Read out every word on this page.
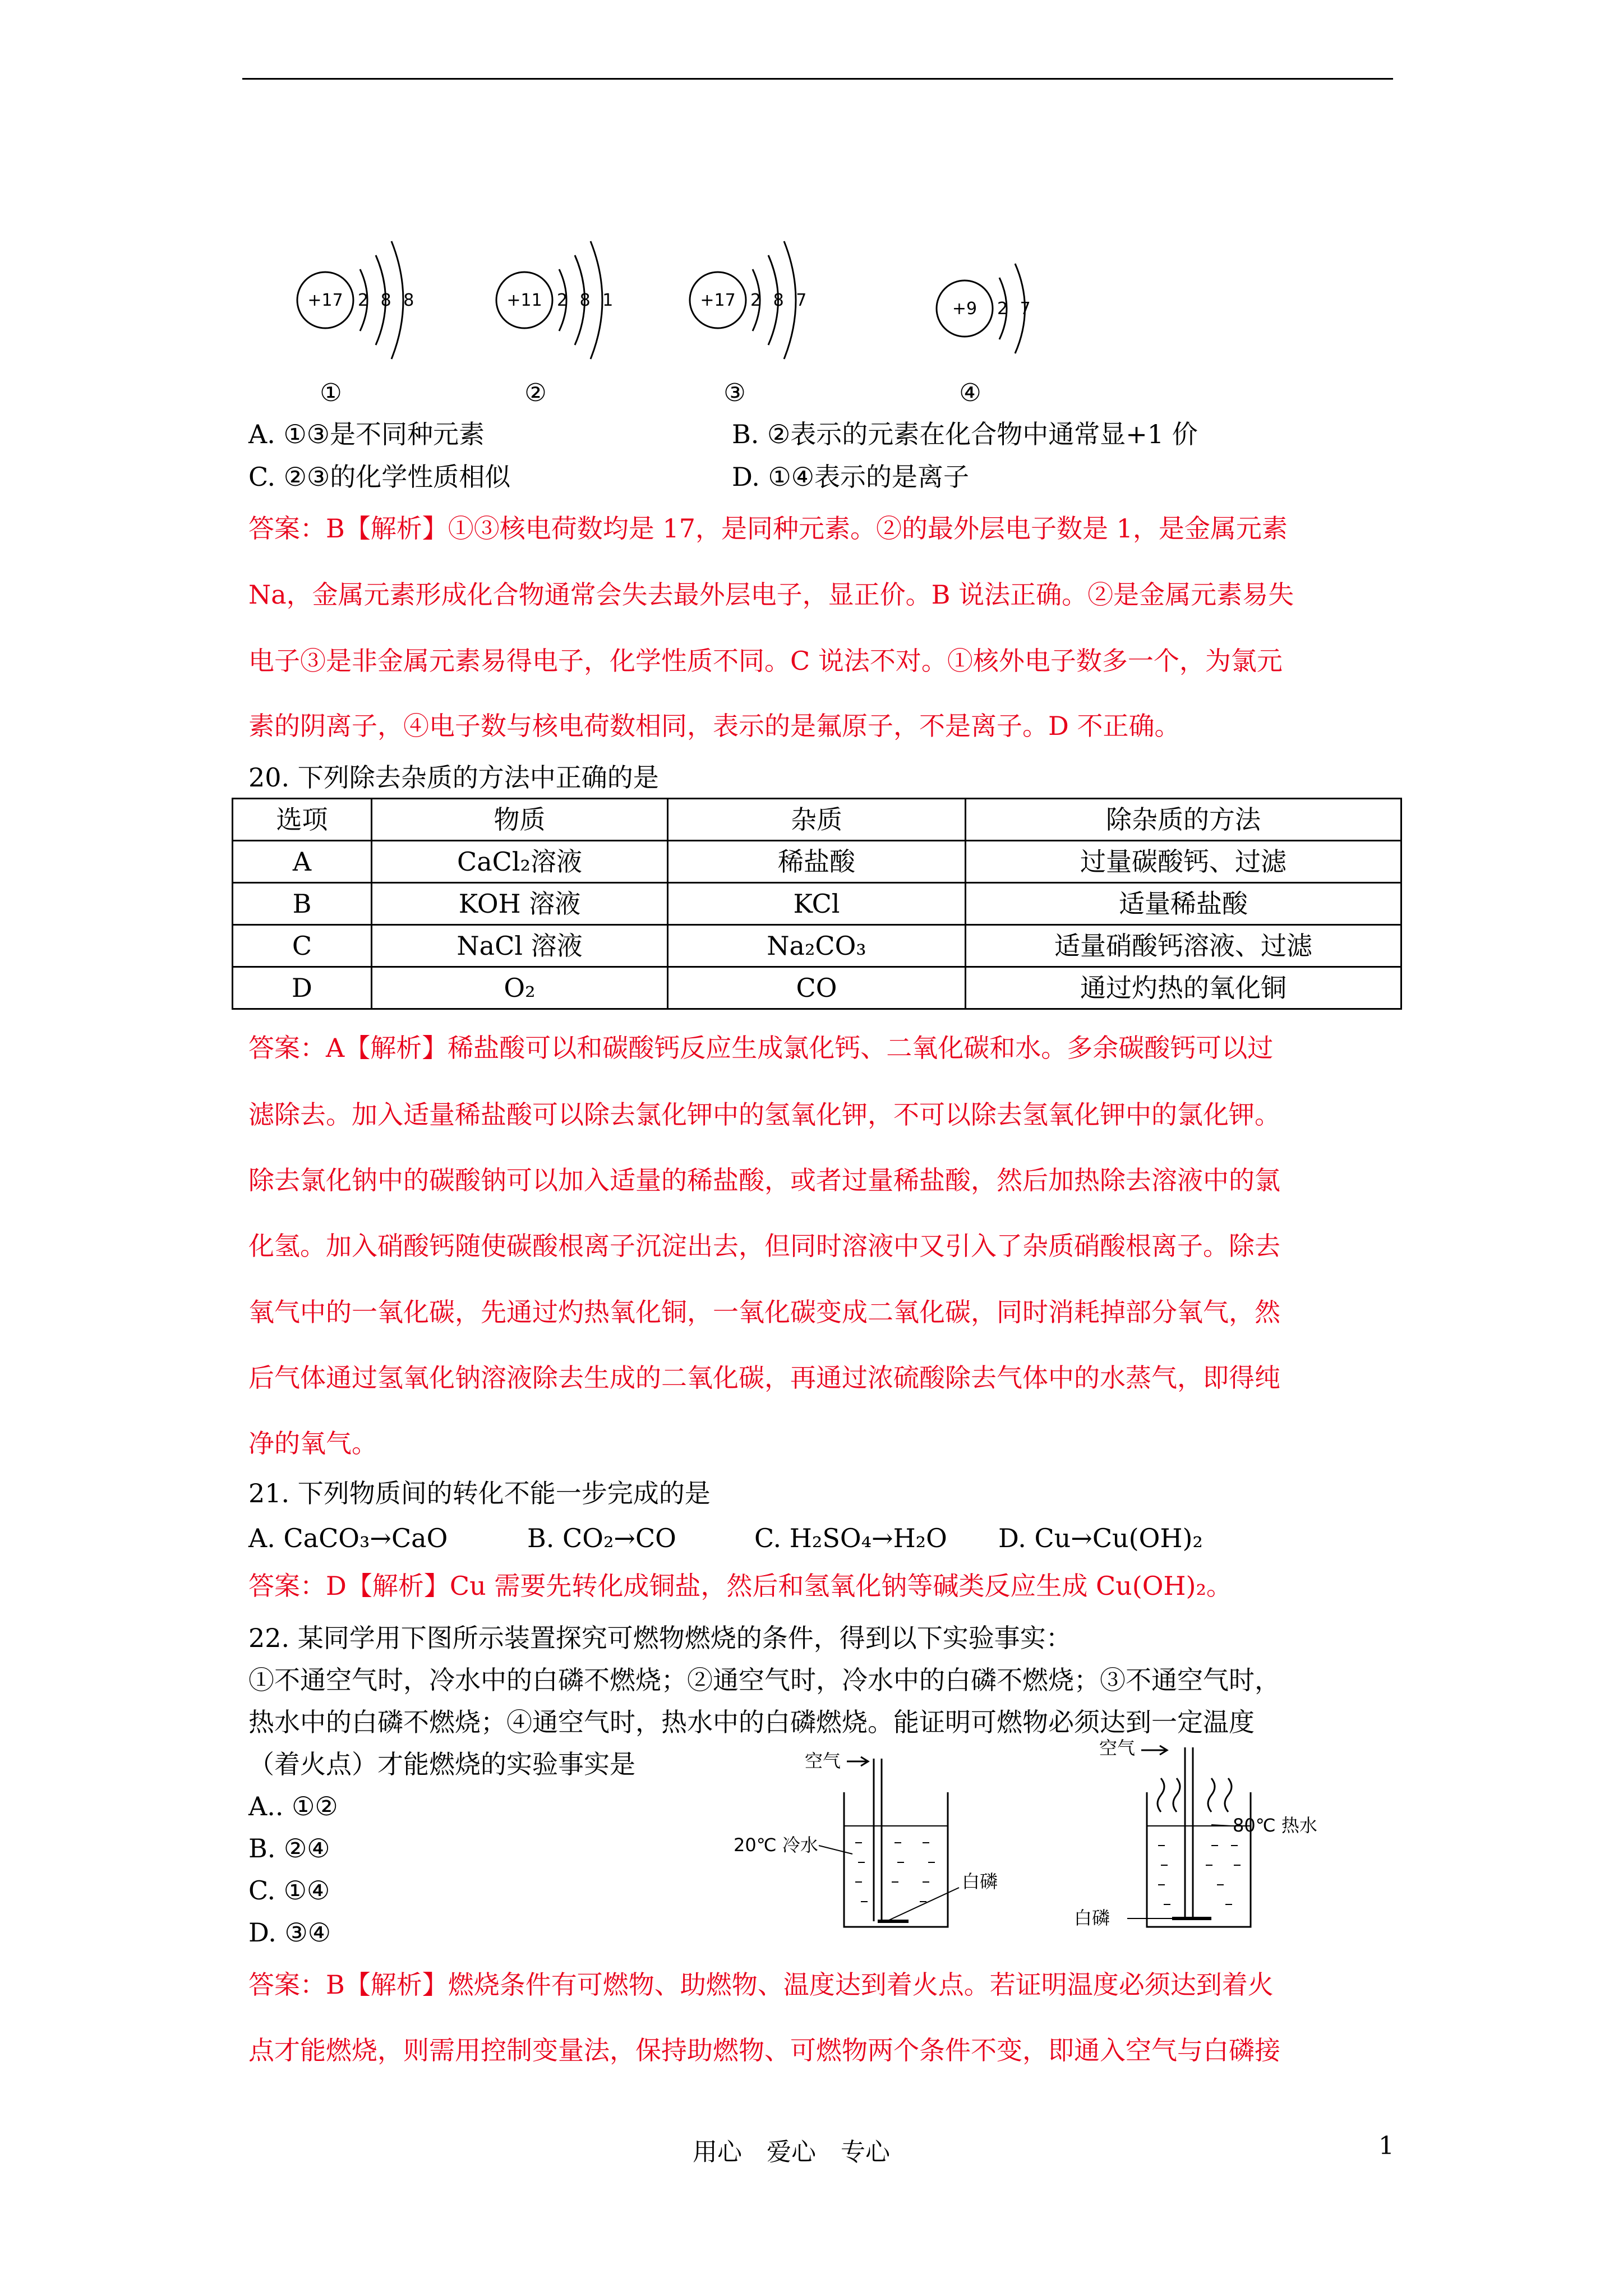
+17 2 8 8
①
+11 2 8 1
②
+17 2 8 7
③
+9 2 7
④
A. ①③是不同种元素	B. ②表示的元素在化合物中通常显+1 价
C. ②③的化学性质相似	D. ①④表示的是离子
答案：B【解析】①③核电荷数均是 17，是同种元素。②的最外层电子数是 1，是金属元素
Na，金属元素形成化合物通常会失去最外层电子，显正价。B 说法正确。②是金属元素易失
电子③是非金属元素易得电子，化学性质不同。C 说法不对。①核外电子数多一个，为氯元
素的阴离子，④电子数与核电荷数相同，表示的是氟原子，不是离子。D 不正确。
20. 下列除去杂质的方法中正确的是
选项	物质	杂质	除杂质的方法
A	CaCl₂溶液	稀盐酸	过量碳酸钙、过滤
B	KOH 溶液	KCl	适量稀盐酸
C	NaCl 溶液	Na₂CO₃	适量硝酸钙溶液、过滤
D	O₂	CO	通过灼热的氧化铜
答案：A【解析】稀盐酸可以和碳酸钙反应生成氯化钙、二氧化碳和水。多余碳酸钙可以过
滤除去。加入适量稀盐酸可以除去氯化钾中的氢氧化钾，不可以除去氢氧化钾中的氯化钾。
除去氯化钠中的碳酸钠可以加入适量的稀盐酸，或者过量稀盐酸，然后加热除去溶液中的氯
化氢。加入硝酸钙随使碳酸根离子沉淀出去，但同时溶液中又引入了杂质硝酸根离子。除去
氧气中的一氧化碳，先通过灼热氧化铜，一氧化碳变成二氧化碳，同时消耗掉部分氧气，然
后气体通过氢氧化钠溶液除去生成的二氧化碳，再通过浓硫酸除去气体中的水蒸气，即得纯
净的氧气。
21. 下列物质间的转化不能一步完成的是
A. CaCO₃→CaO	B. CO₂→CO	C. H₂SO₄→H₂O D. Cu→Cu(OH)₂
答案：D【解析】Cu 需要先转化成铜盐，然后和氢氧化钠等碱类反应生成 Cu(OH)₂。
22. 某同学用下图所示装置探究可燃物燃烧的条件，得到以下实验事实：
①不通空气时，冷水中的白磷不燃烧；②通空气时，冷水中的白磷不燃烧；③不通空气时，
热水中的白磷不燃烧；④通空气时，热水中的白磷燃烧。能证明可燃物必须达到一定温度
（着火点）才能燃烧的实验事实是
A.. ①②
B. ②④
C. ①④
D. ③④
空气
20℃ 冷水
白磷
空气
80℃ 热水
白磷
答案：B【解析】燃烧条件有可燃物、助燃物、温度达到着火点。若证明温度必须达到着火
点才能燃烧，则需用控制变量法，保持助燃物、可燃物两个条件不变，即通入空气与白磷接
用心　爱心　专心	1
